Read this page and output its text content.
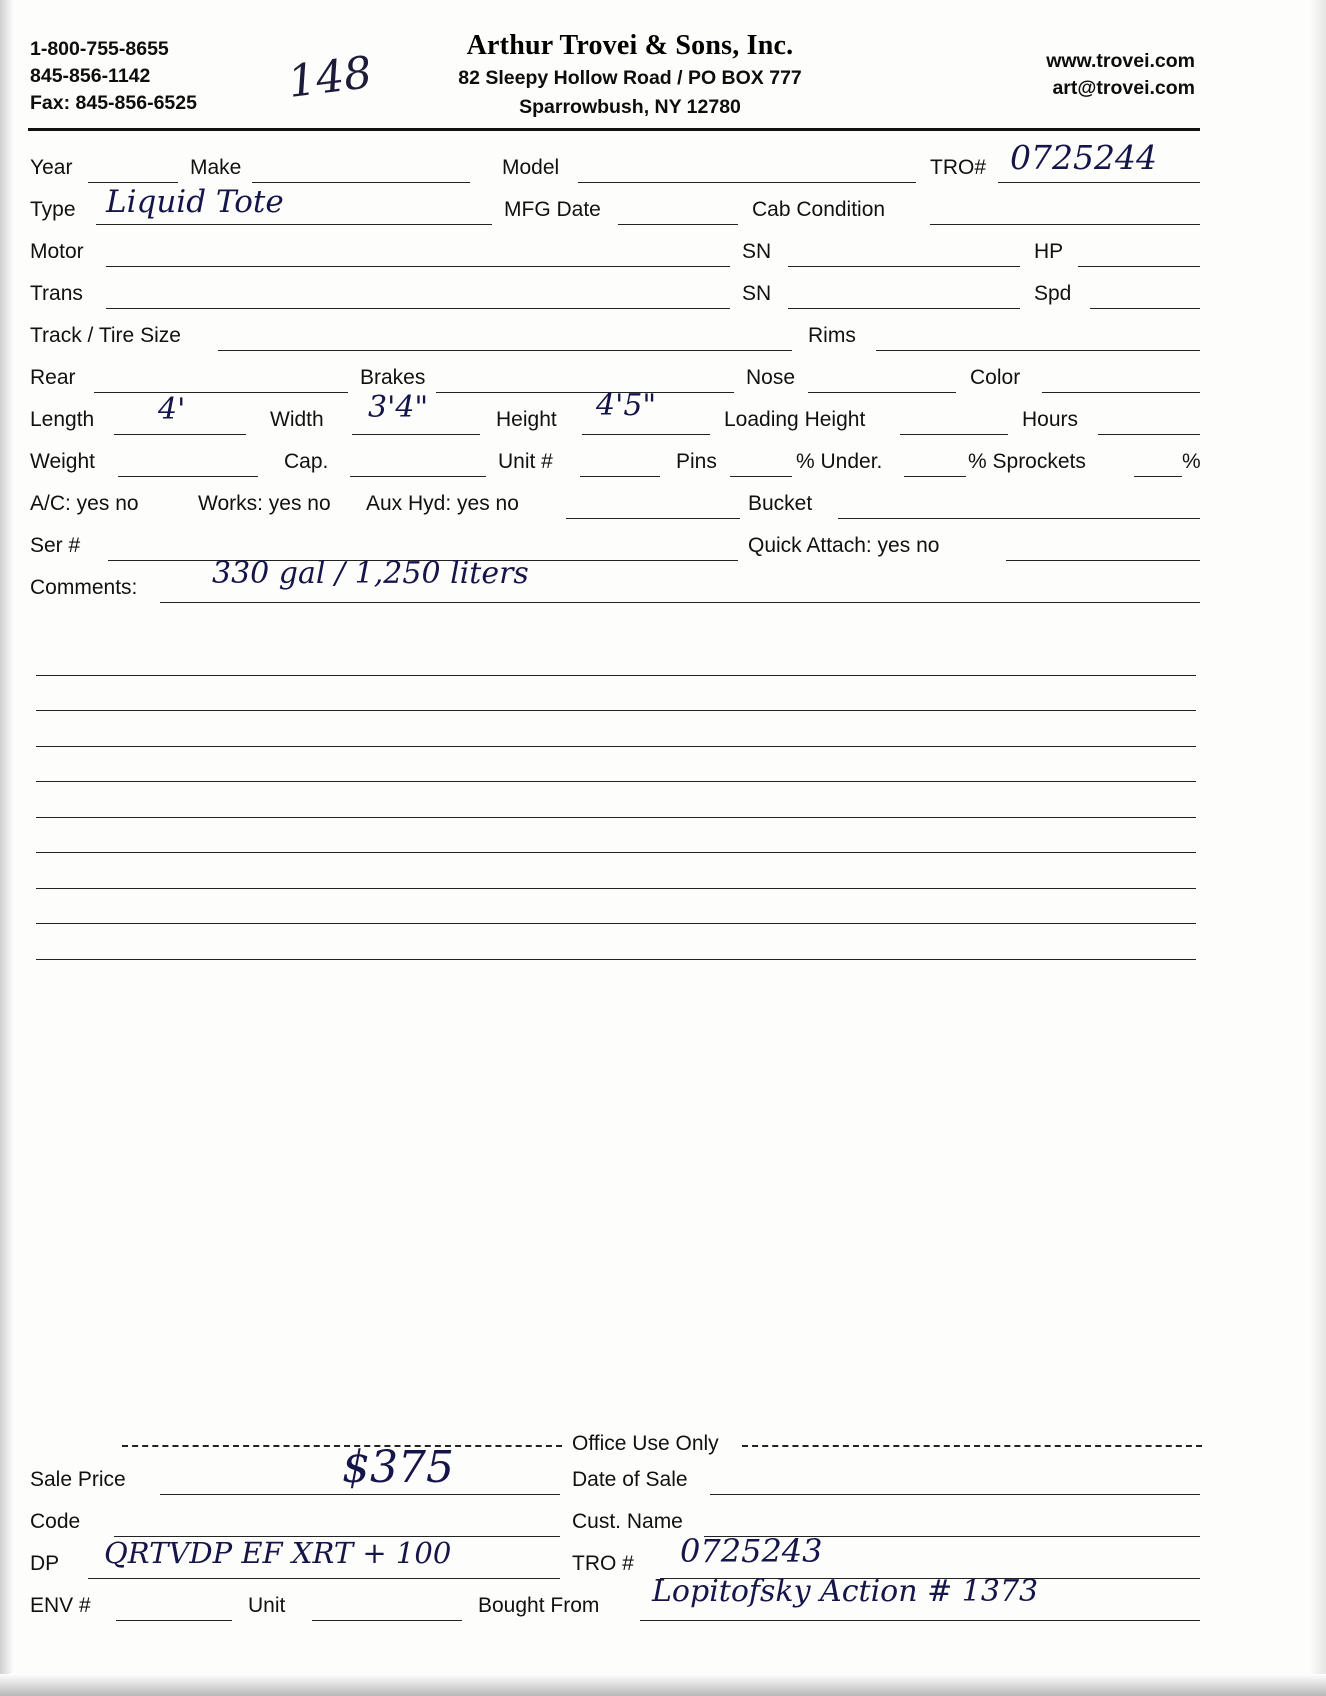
1-800-755-8655
845-856-1142
Fax: 845-856-6525 148
Arthur Trovei & Sons, Inc.
82 Sleepy Hollow Road / PO BOX 777
Sparrowbush, NY 12780
www.trovei.com
art@trovei.com
Year	Make	Model	TRO# 0725244
Type Liquid Tote	MFG Date	Cab Condition
Motor	SN	HP
Trans	SN	Spd
Track / Tire Size	Rims
Rear	Brakes	Nose	Color
Length 4'	Width 3'4"	Height 4'5"	Loading Height	Hours
Weight	Cap.	Unit #	Pins	% Under.	% Sprockets	%
A/C: yes no	Works: yes no Aux Hyd: yes no	Bucket
Ser #	Quick Attach: yes no
Comments: 330 gal / 1,250 liters
Office Use Only
Sale Price	$375	Date of Sale
Code	Cust. Name
DP QRTVDP EF XRT + 100	TRO # 0725243
ENV #	Unit	Bought From Lopitofsky Action # 1373
